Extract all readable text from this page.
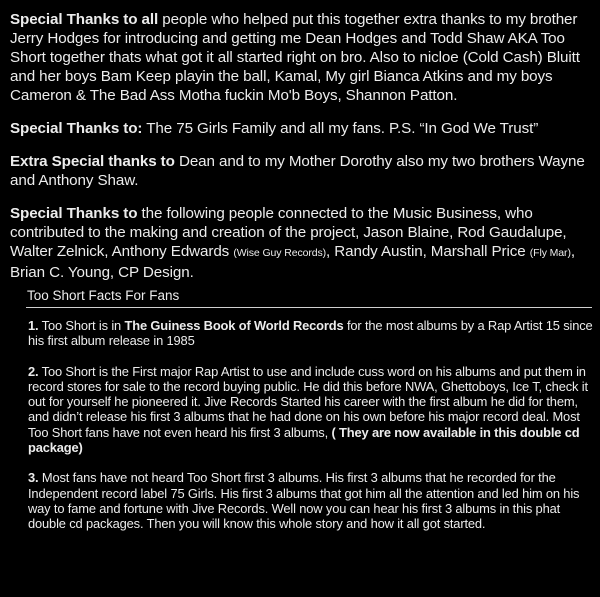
Special Thanks to all people who helped put this together extra thanks to my brother Jerry Hodges for introducing and getting me Dean Hodges and Todd Shaw AKA Too Short together thats what got it all started right on bro. Also to nicloe (Cold Cash) Bluitt and her boys Bam Keep playin the ball, Kamal, My girl Bianca Atkins and my boys Cameron & The Bad Ass Motha fuckin Mo'b Boys, Shannon Patton.

Special Thanks to: The 75 Girls Family and all my fans. P.S. “In God We Trust”

Extra Special thanks to Dean and to my Mother Dorothy also my two brothers Wayne and Anthony Shaw.

Special Thanks to the following people connected to the Music Business, who contributed to the making and creation of the project, Jason Blaine, Rod Gaudalupe, Walter Zelnick, Anthony Edwards (Wise Guy Records), Randy Austin, Marshall Price (Fly Mar), Brian C. Young, CP Design.

Too Short Facts For Fans

1. Too Short is in The Guiness Book of World Records for the most albums by a Rap Artist 15 since his first album release in 1985

2. Too Short is the First major Rap Artist to use and include cuss word on his albums and put them in record stores for sale to the record buying public. He did this before NWA, Ghettoboys, Ice T, check it out for yourself he pioneered it. Jive Records Started his career with the first album he did for them, and didn’t release his first 3 albums that he had done on his own before his major record deal. Most Too Short fans have not even heard his first 3 albums, ( They are now available in this double cd package)

3. Most fans have not heard Too Short first 3 albums. His first 3 albums that he recorded for the Independent record label 75 Girls. His first 3 albums that got him all the attention and led him on his way to fame and fortune with Jive Records. Well now you can hear his first 3 albums in this phat double cd packages. Then you will know this whole story and how it all got started.
